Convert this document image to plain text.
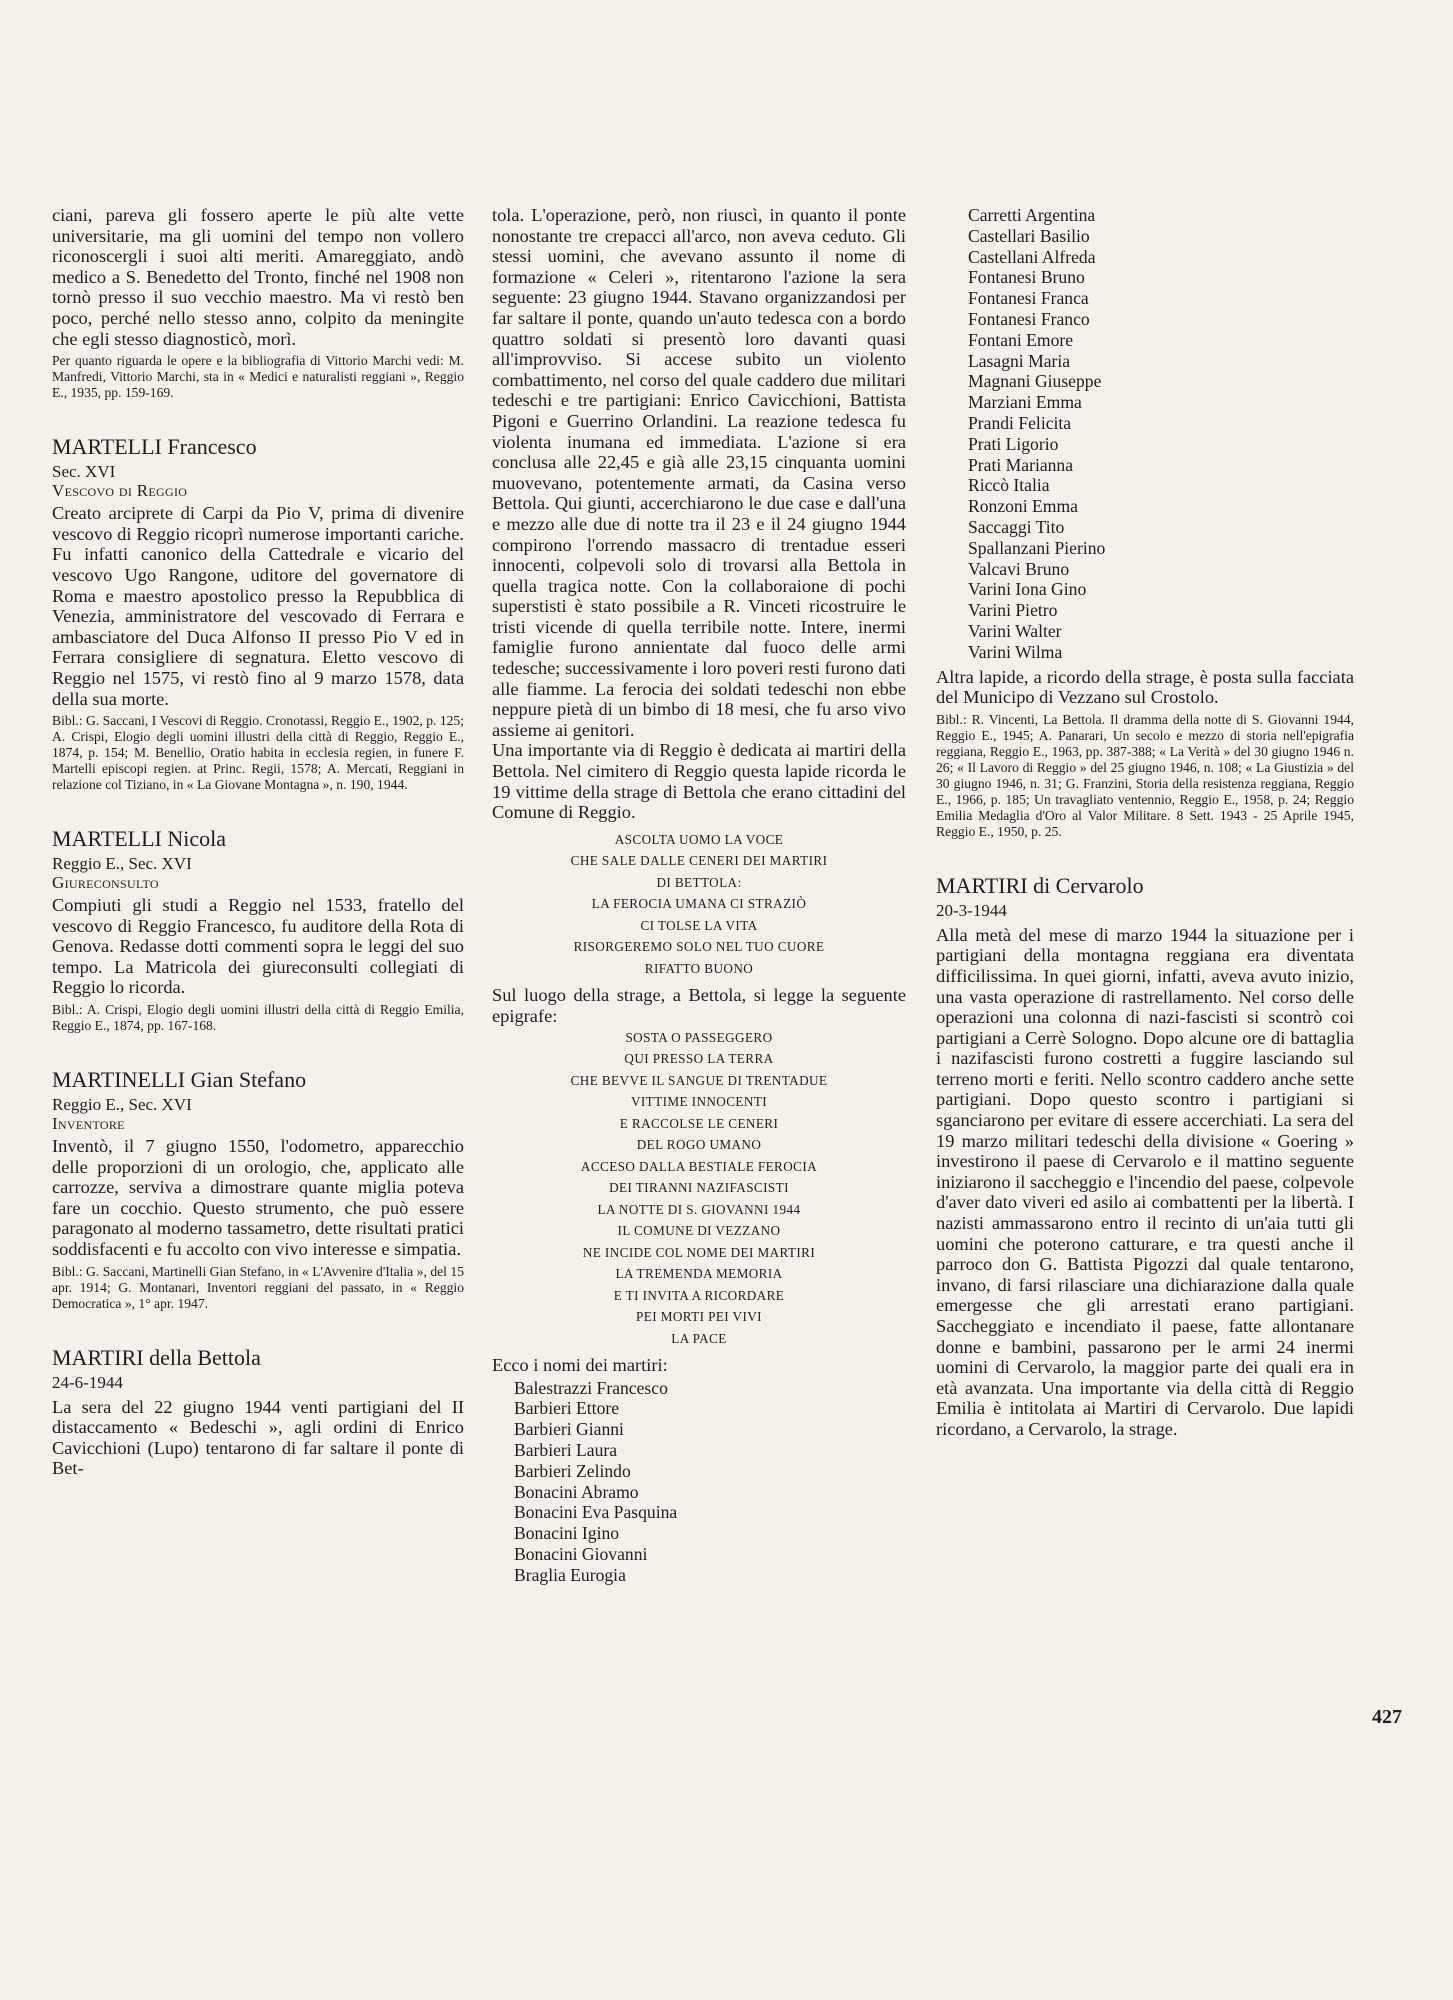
ciani, pareva gli fossero aperte le più alte vette universitarie, ma gli uomini del tempo non vollero riconoscergli i suoi alti meriti. Amareggiato, andò medico a S. Benedetto del Tronto, finché nel 1908 non tornò presso il suo vecchio maestro. Ma vi restò ben poco, perché nello stesso anno, colpito da meningite che egli stesso diagnosticò, morì.

Per quanto riguarda le opere e la bibliografia di Vittorio Marchi vedi: M. Manfredi, Vittorio Marchi, sta in « Medici e naturalisti reggiani », Reggio E., 1935, pp. 159-169.

MARTELLI Francesco
Sec. XVI
Vescovo di Reggio

Creato arciprete di Carpi da Pio V, prima di divenire vescovo di Reggio ricoprì numerose importanti cariche. Fu infatti canonico della Cattedrale e vicario del vescovo Ugo Rangone, uditore del governatore di Roma e maestro apostolico presso la Repubblica di Venezia, amministratore del vescovado di Ferrara e ambasciatore del Duca Alfonso II presso Pio V ed in Ferrara consigliere di segnatura. Eletto vescovo di Reggio nel 1575, vi restò fino al 9 marzo 1578, data della sua morte.

Bibl.: G. Saccani, I Vescovi di Reggio. Cronotassi, Reggio E., 1902, p. 125; A. Crispi, Elogio degli uomini illustri della città di Reggio, Reggio E., 1874, p. 154; M. Benellio, Oratio habita in ecclesia regien, in funere F. Martelli episcopi regien. at Princ. Regii, 1578; A. Mercati, Reggiani in relazione col Tiziano, in « La Giovane Montagna », n. 190, 1944.

MARTELLI Nicola
Reggio E., Sec. XVI
Giureconsulto

Compiuti gli studi a Reggio nel 1533, fratello del vescovo di Reggio Francesco, fu auditore della Rota di Genova. Redasse dotti commenti sopra le leggi del suo tempo. La Matricola dei giureconsulti collegiati di Reggio lo ricorda.

Bibl.: A. Crispi, Elogio degli uomini illustri della città di Reggio Emilia, Reggio E., 1874, pp. 167-168.

MARTINELLI Gian Stefano
Reggio E., Sec. XVI
Inventore

Inventò, il 7 giugno 1550, l'odometro, apparecchio delle proporzioni di un orologio, che, applicato alle carrozze, serviva a dimostrare quante miglia poteva fare un cocchio. Questo strumento, che può essere paragonato al moderno tassametro, dette risultati pratici soddisfacenti e fu accolto con vivo interesse e simpatia.

Bibl.: G. Saccani, Martinelli Gian Stefano, in « L'Avvenire d'Italia », del 15 apr. 1914; G. Montanari, Inventori reggiani del passato, in « Reggio Democratica », 1° apr. 1947.

MARTIRI della Bettola
24-6-1944

La sera del 22 giugno 1944 venti partigiani del II distaccamento « Bedeschi », agli ordini di Enrico Cavicchioni (Lupo) tentarono di far saltare il ponte di Bet-

tola. L'operazione, però, non riuscì, in quanto il ponte nonostante tre crepacci all'arco, non aveva ceduto. Gli stessi uomini, che avevano assunto il nome di formazione « Celeri », ritentarono l'azione la sera seguente: 23 giugno 1944. Stavano organizzandosi per far saltare il ponte, quando un'auto tedesca con a bordo quattro soldati si presentò loro davanti quasi all'improvviso. Si accese subito un violento combattimento, nel corso del quale caddero due militari tedeschi e tre partigiani: Enrico Cavicchioni, Battista Pigoni e Guerrino Orlandini. La reazione tedesca fu violenta inumana ed immediata. L'azione si era conclusa alle 22,45 e già alle 23,15 cinquanta uomini muovevano, potentemente armati, da Casina verso Bettola. Qui giunti, accerchiarono le due case e dall'una e mezzo alle due di notte tra il 23 e il 24 giugno 1944 compirono l'orrendo massacro di trentadue esseri innocenti, colpevoli solo di trovarsi alla Bettola in quella tragica notte. Con la collaboraione di pochi superstisti è stato possibile a R. Vinceti ricostruire le tristi vicende di quella terribile notte. Intere, inermi famiglie furono annientate dal fuoco delle armi tedesche; successivamente i loro poveri resti furono dati alle fiamme. La ferocia dei soldati tedeschi non ebbe neppure pietà di un bimbo di 18 mesi, che fu arso vivo assieme ai genitori.

Una importante via di Reggio è dedicata ai martiri della Bettola. Nel cimitero di Reggio questa lapide ricorda le 19 vittime della strage di Bettola che erano cittadini del Comune di Reggio.

ASCOLTA UOMO LA VOCE
CHE SALE DALLE CENERI DEI MARTIRI
DI BETTOLA:
LA FEROCIA UMANA CI STRAZIÒ
CI TOLSE LA VITA
RISORGEREMO SOLO NEL TUO CUORE
RIFATTO BUONO

Sul luogo della strage, a Bettola, si legge la seguente epigrafe:

SOSTA O PASSEGGERO
QUI PRESSO LA TERRA
CHE BEVVE IL SANGUE DI TRENTADUE
VITTIME INNOCENTI
E RACCOLSE LE CENERI
DEL ROGO UMANO
ACCESO DALLA BESTIALE FEROCIA
DEI TIRANNI NAZIFASCISTI
LA NOTTE DI S. GIOVANNI 1944
IL COMUNE DI VEZZANO
NE INCIDE COL NOME DEI MARTIRI
LA TREMENDA MEMORIA
E TI INVITA A RICORDARE
PEI MORTI PEI VIVI
LA PACE

Ecco i nomi dei martiri:

Balestrazzi Francesco
Barbieri Ettore
Barbieri Gianni
Barbieri Laura
Barbieri Zelindo
Bonacini Abramo
Bonacini Eva Pasquina
Bonacini Igino
Bonacini Giovanni
Braglia Eurogia
Carretti Argentina
Castellari Basilio
Castellani Alfreda
Fontanesi Bruno
Fontanesi Franca
Fontanesi Franco
Fontani Emore
Lasagni Maria
Magnani Giuseppe
Marziani Emma
Prandi Felicita
Prati Ligorio
Prati Marianna
Riccò Italia
Ronzoni Emma
Saccaggi Tito
Spallanzani Pierino
Valcavi Bruno
Varini Iona Gino
Varini Pietro
Varini Walter
Varini Wilma

Altra lapide, a ricordo della strage, è posta sulla facciata del Municipo di Vezzano sul Crostolo.

Bibl.: R. Vincenti, La Bettola. Il dramma della notte di S. Giovanni 1944, Reggio E., 1945; A. Panarari, Un secolo e mezzo di storia nell'epigrafia reggiana, Reggio E., 1963, pp. 387-388; « La Verità » del 30 giugno 1946 n. 26; « Il Lavoro di Reggio » del 25 giugno 1946, n. 108; « La Giustizia » del 30 giugno 1946, n. 31; G. Franzini, Storia della resistenza reggiana, Reggio E., 1966, p. 185; Un travagliato ventennio, Reggio E., 1958, p. 24; Reggio Emilia Medaglia d'Oro al Valor Militare. 8 Sett. 1943 - 25 Aprile 1945, Reggio E., 1950, p. 25.

MARTIRI di Cervarolo
20-3-1944

Alla metà del mese di marzo 1944 la situazione per i partigiani della montagna reggiana era diventata difficilissima. In quei giorni, infatti, aveva avuto inizio, una vasta operazione di rastrellamento. Nel corso delle operazioni una colonna di nazi-fascisti si scontrò coi partigiani a Cerrè Sologno. Dopo alcune ore di battaglia i nazifascisti furono costretti a fuggire lasciando sul terreno morti e feriti. Nello scontro caddero anche sette partigiani. Dopo questo scontro i partigiani si sganciarono per evitare di essere accerchiati. La sera del 19 marzo militari tedeschi della divisione « Goering » investirono il paese di Cervarolo e il mattino seguente iniziarono il saccheggio e l'incendio del paese, colpevole d'aver dato viveri ed asilo ai combattenti per la libertà. I nazisti ammassarono entro il recinto di un'aia tutti gli uomini che poterono catturare, e tra questi anche il parroco don G. Battista Pigozzi dal quale tentarono, invano, di farsi rilasciare una dichiarazione dalla quale emergesse che gli arrestati erano partigiani. Saccheggiato e incendiato il paese, fatte allontanare donne e bambini, passarono per le armi 24 inermi uomini di Cervarolo, la maggior parte dei quali era in età avanzata. Una importante via della città di Reggio Emilia è intitolata ai Martiri di Cervarolo. Due lapidi ricordano, a Cervarolo, la strage.

427
